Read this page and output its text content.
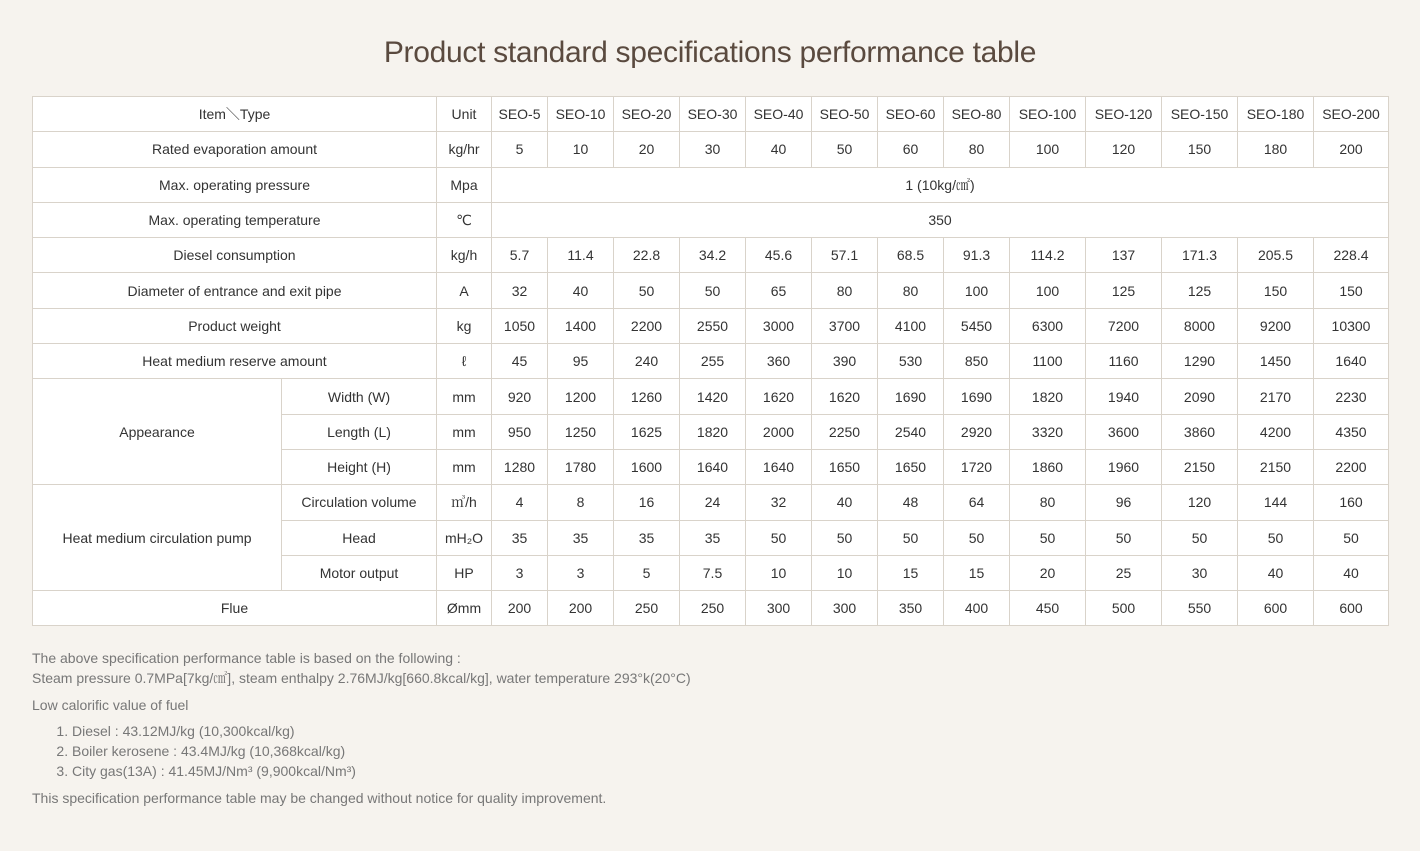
Product standard specifications performance table
Item＼Type		Unit	SEO-5	SEO-10	SEO-20	SEO-30	SEO-40	SEO-50	SEO-60	SEO-80	SEO-100	SEO-120	SEO-150	SEO-180	SEO-200
Rated evaporation amount		kg/hr	5	10	20	30	40	50	60	80	100	120	150	180	200
Max. operating pressure		Mpa	1 (10kg/㎠)												
Max. operating temperature		℃	350												
Diesel consumption		kg/h	5.7	11.4	22.8	34.2	45.6	57.1	68.5	91.3	114.2	137	171.3	205.5	228.4
Diameter of entrance and exit pipe		A	32	40	50	50	65	80	80	100	100	125	125	150	150
Product weight		kg	1050	1400	2200	2550	3000	3700	4100	5450	6300	7200	8000	9200	10300
Heat medium reserve amount		ℓ	45	95	240	255	360	390	530	850	1100	1160	1290	1450	1640
Appearance	Width (W)	mm	920	1200	1260	1420	1620	1620	1690	1690	1820	1940	2090	2170	2230
	Length (L)	mm	950	1250	1625	1820	2000	2250	2540	2920	3320	3600	3860	4200	4350
	Height (H)	mm	1280	1780	1600	1640	1640	1650	1650	1720	1860	1960	2150	2150	2200
Heat medium circulation pump	Circulation volume	㎥/h	4	8	16	24	32	40	48	64	80	96	120	144	160
	Head	mH₂O	35	35	35	35	50	50	50	50	50	50	50	50	50
	Motor output	HP	3	3	5	7.5	10	10	15	15	20	25	30	40	40
Flue		Ømm	200	200	250	250	300	300	350	400	450	500	550	600	600

The above specification performance table is based on the following :

Steam pressure 0.7MPa[7kg/㎠], steam enthalpy 2.76MJ/kg[660.8kcal/kg], water temperature 293°k(20°C)

Low calorific value of fuel

1. Diesel : 43.12MJ/kg (10,300kcal/kg)
2. Boiler kerosene : 43.4MJ/kg (10,368kcal/kg)
3. City gas(13A) : 41.45MJ/Nm³ (9,900kcal/Nm³)

This specification performance table may be changed without notice for quality improvement.
